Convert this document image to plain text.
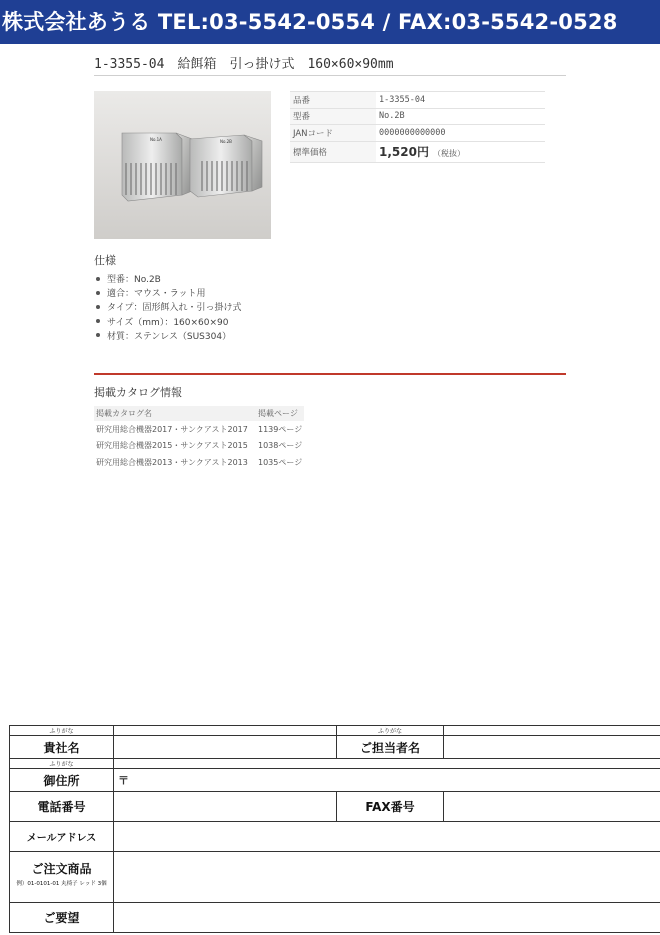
株式会社あうる TEL:03-5542-0554 / FAX:03-5542-0528
1-3355-04　給餌箱　引っ掛け式　160×60×90mm
No.1A	No.2B
品番	1-3355-04
型番	No.2B
JANコード	0000000000000
標準価格	1,520円 （税抜）
仕様
型番：No.2B
適合：マウス・ラット用
タイプ：固形餌入れ・引っ掛け式
サイズ（mm）：160×60×90
材質：ステンレス（SUS304）
掲載カタログ情報
掲載カタログ名	掲載ページ
研究用総合機器2017・サンクアスト2017	1139ページ
研究用総合機器2015・サンクアスト2015	1038ページ
研究用総合機器2013・サンクアスト2013	1035ページ
ふりがな		ふりがな	
貴社名		ご担当者名	
ふりがな			
御住所	〒		
電話番号		FAX番号	
メールアドレス			
ご注文商品
例）01-0101-01 丸椅子 レッド 3個			

ご要望			
